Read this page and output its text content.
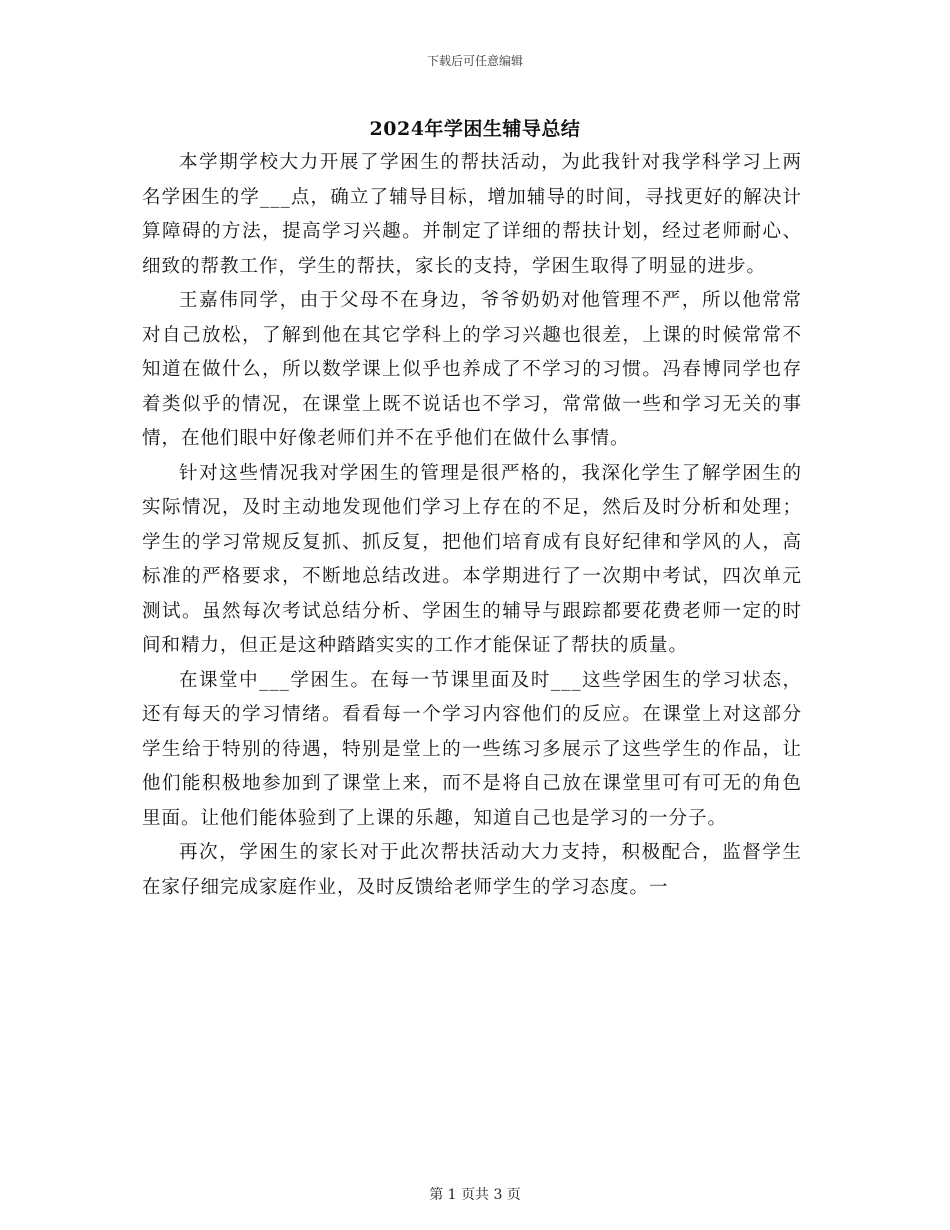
下载后可任意编辑
2024年学困生辅导总结

本学期学校大力开展了学困生的帮扶活动，为此我针对我学科学习上两名学困生的学___点，确立了辅导目标，增加辅导的时间，寻找更好的解决计算障碍的方法，提高学习兴趣。并制定了详细的帮扶计划，经过老师耐心、细致的帮教工作，学生的帮扶，家长的支持，学困生取得了明显的进步。

王嘉伟同学，由于父母不在身边，爷爷奶奶对他管理不严，所以他常常对自己放松，了解到他在其它学科上的学习兴趣也很差，上课的时候常常不知道在做什么，所以数学课上似乎也养成了不学习的习惯。冯春博同学也存着类似乎的情况，在课堂上既不说话也不学习，常常做一些和学习无关的事情，在他们眼中好像老师们并不在乎他们在做什么事情。

针对这些情况我对学困生的管理是很严格的，我深化学生了解学困生的实际情况，及时主动地发现他们学习上存在的不足，然后及时分析和处理；学生的学习常规反复抓、抓反复，把他们培育成有良好纪律和学风的人，高标准的严格要求，不断地总结改进。本学期进行了一次期中考试，四次单元测试。虽然每次考试总结分析、学困生的辅导与跟踪都要花费老师一定的时间和精力，但正是这种踏踏实实的工作才能保证了帮扶的质量。

在课堂中___学困生。在每一节课里面及时___这些学困生的学习状态，还有每天的学习情绪。看看每一个学习内容他们的反应。在课堂上对这部分学生给于特别的待遇，特别是堂上的一些练习多展示了这些学生的作品，让他们能积极地参加到了课堂上来，而不是将自己放在课堂里可有可无的角色里面。让他们能体验到了上课的乐趣，知道自己也是学习的一分子。

再次，学困生的家长对于此次帮扶活动大力支持，积极配合，监督学生在家仔细完成家庭作业，及时反馈给老师学生的学习态度。一

第 1 页共 3 页
